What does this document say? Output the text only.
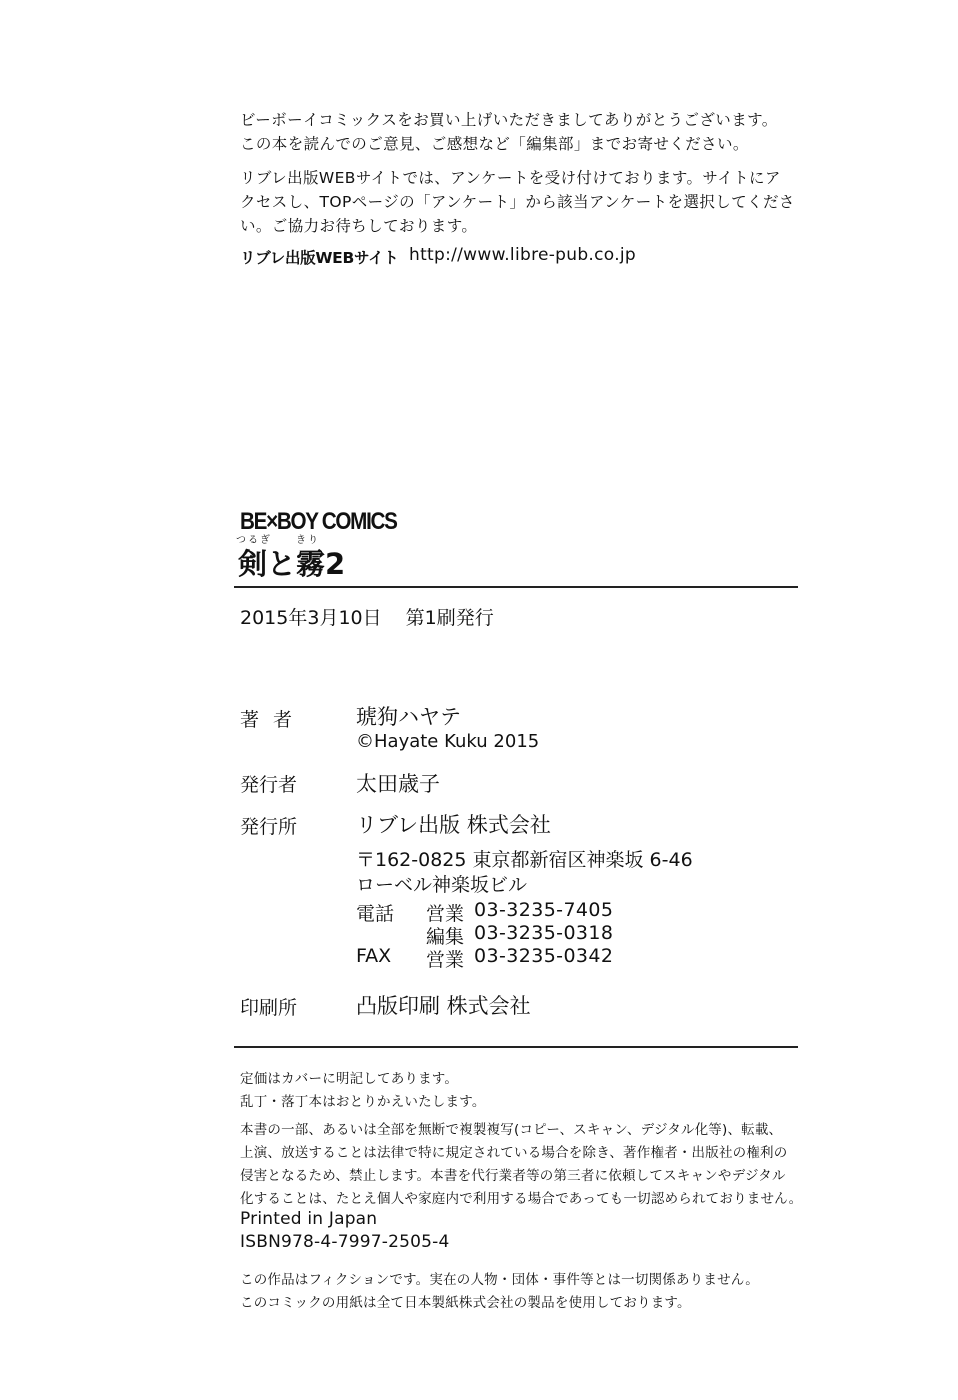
ビーボーイコミックスをお買い上げいただきましてありがとうございます。
この本を読んでのご意見、ご感想など「編集部」までお寄せください。
リブレ出版WEBサイトでは、アンケートを受け付けております。サイトにア
クセスし、TOPページの「アンケート」から該当アンケートを選択してくださ
い。ご協力お待ちしております。
リブレ出版WEBサイト http://www.libre-pub.co.jp
BE×BOY COMICS
つるぎ きり
剣と霧2
2015年3月10日 第1刷発行
著者 琥狗ハヤテ
©Hayate Kuku 2015
発行者	太田歳子
発行所	リブレ出版 株式会社
〒162-0825 東京都新宿区神楽坂 6-46
ローベル神楽坂ビル
電話 営業 03-3235-7405
編集 03-3235-0318
FAX 営業 03-3235-0342
印刷所	凸版印刷 株式会社
定価はカバーに明記してあります。
乱丁・落丁本はおとりかえいたします。
本書の一部、あるいは全部を無断で複製複写(コピー、スキャン、デジタル化等)、転載、
上演、放送することは法律で特に規定されている場合を除き、著作権者・出版社の権利の
侵害となるため、禁止します。本書を代行業者等の第三者に依頼してスキャンやデジタル
化することは、たとえ個人や家庭内で利用する場合であっても一切認められておりません。
Printed in Japan
ISBN978-4-7997-2505-4
この作品はフィクションです。実在の人物・団体・事件等とは一切関係ありません。
このコミックの用紙は全て日本製紙株式会社の製品を使用しております。
